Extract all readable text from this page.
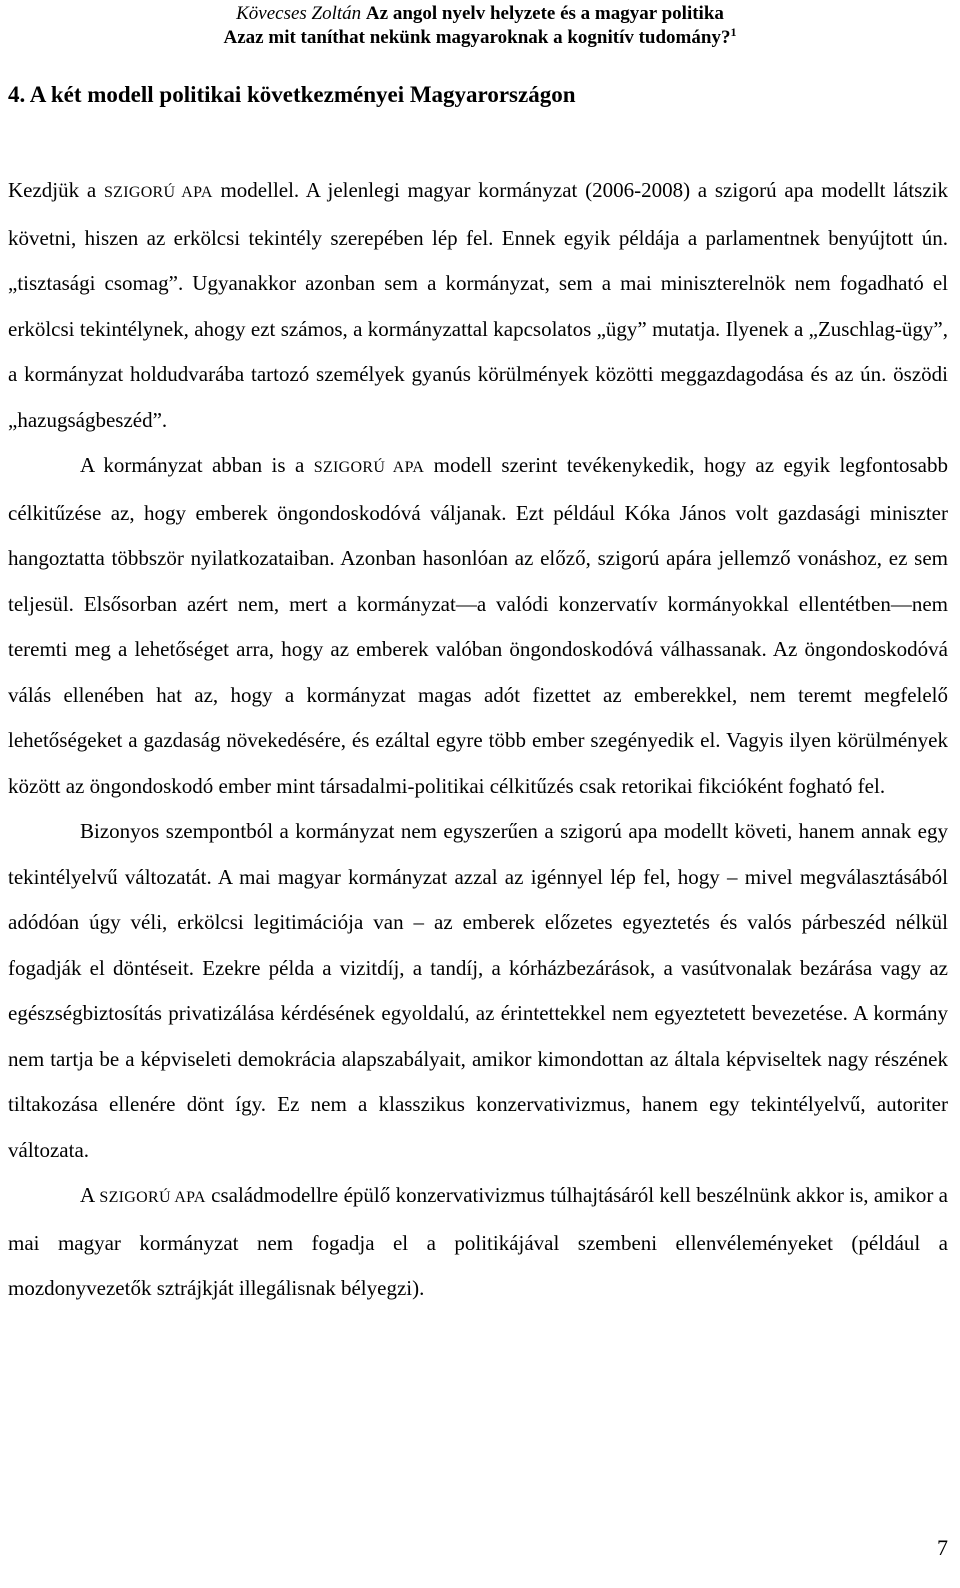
Kövecses Zoltán Az angol nyelv helyzete és a magyar politika
Azaz mit taníthat nekünk magyaroknak a kognitív tudomány?$^1$
4. A két modell politikai következményei Magyarországon

Kezdjük a SZIGORÚ APA modellel. A jelenlegi magyar kormányzat (2006-2008) a szigorú apa modellt látszik követni, hiszen az erkölcsi tekintély szerepében lép fel. Ennek egyik példája a parlamentnek benyújtott ún. „tisztasági csomag”. Ugyanakkor azonban sem a kormányzat, sem a mai miniszterelnök nem fogadható el erkölcsi tekintélynek, ahogy ezt számos, a kormányzattal kapcsolatos „ügy” mutatja. Ilyenek a „Zuschlag-ügy”, a kormányzat holdudvarába tartozó személyek gyanús körülmények közötti meggazdagodása és az ún. öszödi „hazugságbeszéd”.

A kormányzat abban is a SZIGORÚ APA modell szerint tevékenykedik, hogy az egyik legfontosabb célkitűzése az, hogy emberek öngondoskodóvá váljanak. Ezt például Kóka János volt gazdasági miniszter hangoztatta többször nyilatkozataiban. Azonban hasonlóan az előző, szigorú apára jellemző vonáshoz, ez sem teljesül. Elsősorban azért nem, mert a kormányzat—a valódi konzervatív kormányokkal ellentétben—nem teremti meg a lehetőséget arra, hogy az emberek valóban öngondoskodóvá válhassanak. Az öngondoskodóvá válás ellenében hat az, hogy a kormányzat magas adót fizettet az emberekkel, nem teremt megfelelő lehetőségeket a gazdaság növekedésére, és ezáltal egyre több ember szegényedik el. Vagyis ilyen körülmények között az öngondoskodó ember mint társadalmi-politikai célkitűzés csak retorikai fikcióként fogható fel.

Bizonyos szempontból a kormányzat nem egyszerűen a szigorú apa modellt követi, hanem annak egy tekintélyelvű változatát. A mai magyar kormányzat azzal az igénnyel lép fel, hogy – mivel megválasztásából adódóan úgy véli, erkölcsi legitimációja van – az emberek előzetes egyeztetés és valós párbeszéd nélkül fogadják el döntéseit. Ezekre példa a vizitdíj, a tandíj, a kórházbezárások, a vasútvonalak bezárása vagy az egészségbiztosítás privatizálása kérdésének egyoldalú, az érintettekkel nem egyeztetett bevezetése. A kormány nem tartja be a képviseleti demokrácia alapszabályait, amikor kimondottan az általa képviseltek nagy részének tiltakozása ellenére dönt így. Ez nem a klasszikus konzervativizmus, hanem egy tekintélyelvű, autoriter változata.

A SZIGORÚ APA családmodellre épülő konzervativizmus túlhajtásáról kell beszélnünk akkor is, amikor a mai magyar kormányzat nem fogadja el a politikájával szembeni ellenvéleményeket (például a mozdonyvezetők sztrájkját illegálisnak bélyegzi).

7
